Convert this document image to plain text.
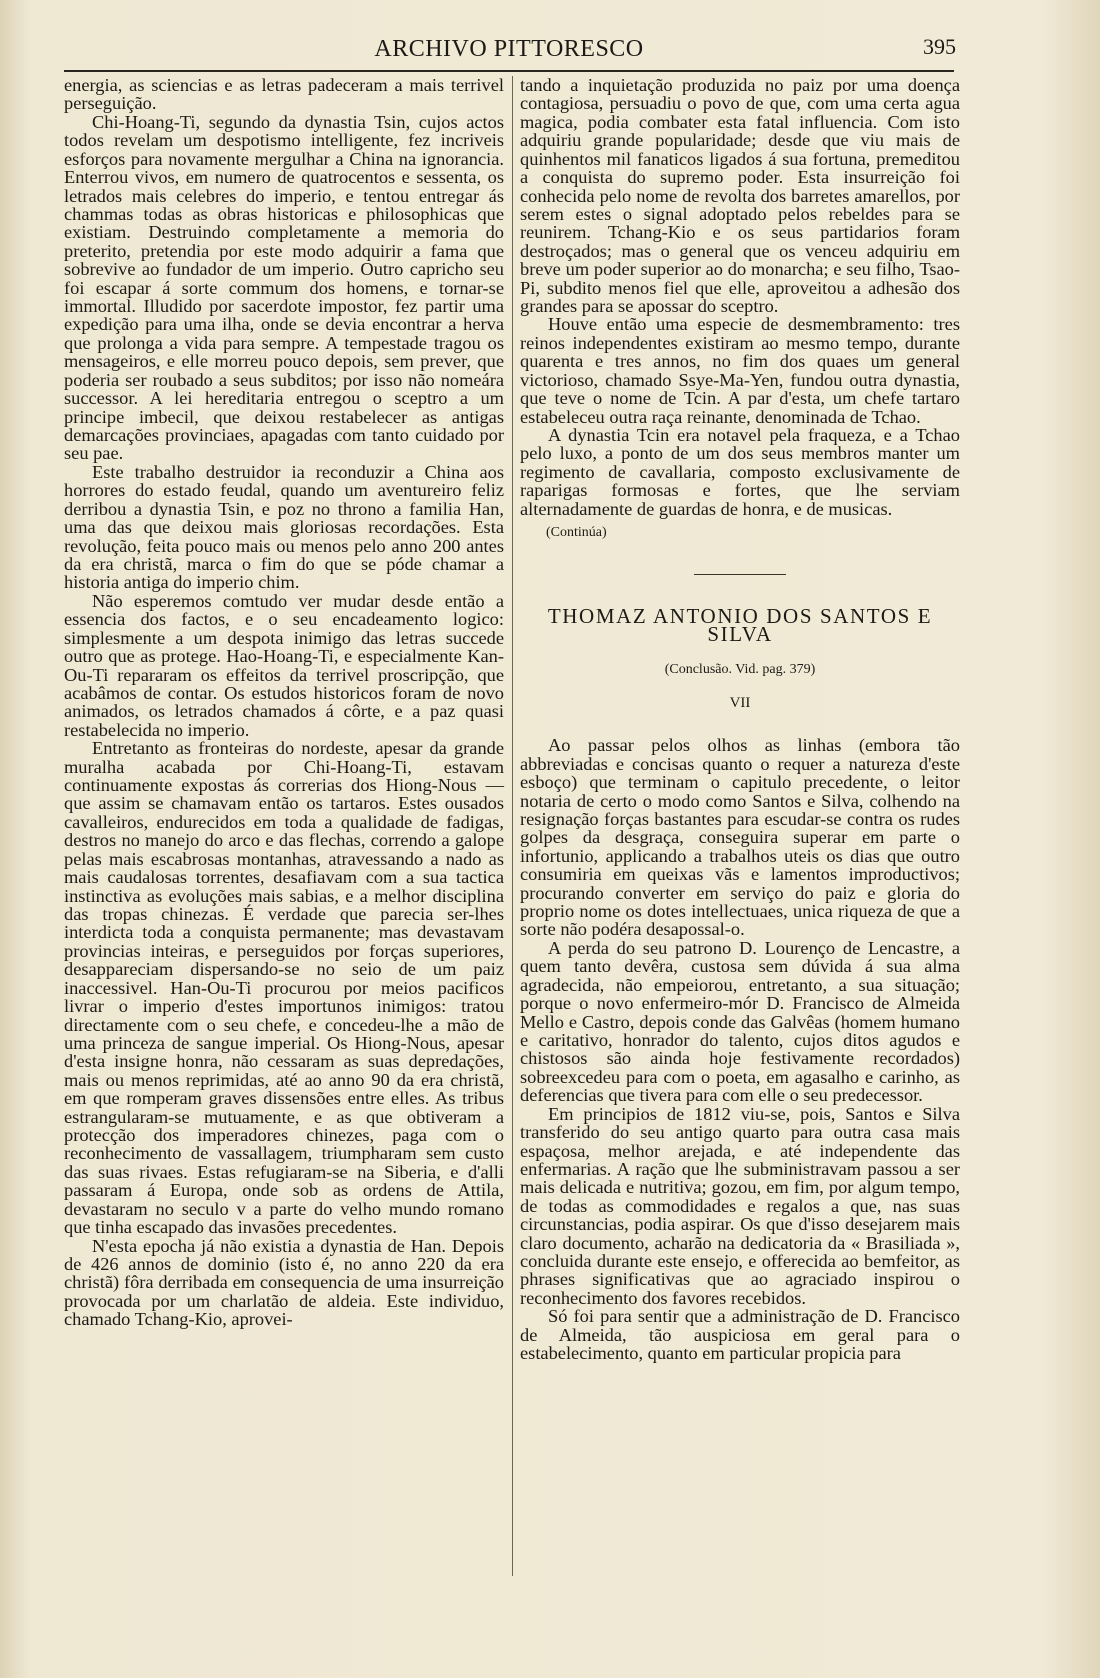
ARCHIVO PITTORESCO	395

energia, as sciencias e as letras padeceram a mais terrivel perseguição.

Chi-Hoang-Ti, segundo da dynastia Tsin, cujos actos todos revelam um despotismo intelligente, fez incriveis esforços para novamente mergulhar a China na ignorancia. Enterrou vivos, em numero de quatrocentos e sessenta, os letrados mais celebres do imperio, e tentou entregar ás chammas todas as obras historicas e philosophicas que existiam. Destruindo completamente a memoria do preterito, pretendia por este modo adquirir a fama que sobrevive ao fundador de um imperio. Outro capricho seu foi escapar á sorte commum dos homens, e tornar-se immortal. Illudido por sacerdote impostor, fez partir uma expedição para uma ilha, onde se devia encontrar a herva que prolonga a vida para sempre. A tempestade tragou os mensageiros, e elle morreu pouco depois, sem prever, que poderia ser roubado a seus subditos; por isso não nomeára successor. A lei hereditaria entregou o sceptro a um principe imbecil, que deixou restabelecer as antigas demarcações provinciaes, apagadas com tanto cuidado por seu pae.

Este trabalho destruidor ia reconduzir a China aos horrores do estado feudal, quando um aventureiro feliz derribou a dynastia Tsin, e poz no throno a familia Han, uma das que deixou mais gloriosas recordações. Esta revolução, feita pouco mais ou menos pelo anno 200 antes da era christã, marca o fim do que se póde chamar a historia antiga do imperio chim.

Não esperemos comtudo ver mudar desde então a essencia dos factos, e o seu encadeamento logico: simplesmente a um despota inimigo das letras succede outro que as protege. Hao-Hoang-Ti, e especialmente Kan-Ou-Ti repararam os effeitos da terrivel proscripção, que acabâmos de contar. Os estudos historicos foram de novo animados, os letrados chamados á côrte, e a paz quasi restabelecida no imperio.

Entretanto as fronteiras do nordeste, apesar da grande muralha acabada por Chi-Hoang-Ti, estavam continuamente expostas ás correrias dos Hiong-Nous — que assim se chamavam então os tartaros. Estes ousados cavalleiros, endurecidos em toda a qualidade de fadigas, destros no manejo do arco e das flechas, correndo a galope pelas mais escabrosas montanhas, atravessando a nado as mais caudalosas torrentes, desafiavam com a sua tactica instinctiva as evoluções mais sabias, e a melhor disciplina das tropas chinezas. É verdade que parecia ser-lhes interdicta toda a conquista permanente; mas devastavam provincias inteiras, e perseguidos por forças superiores, desappareciam dispersando-se no seio de um paiz inaccessivel. Han-Ou-Ti procurou por meios pacificos livrar o imperio d'estes importunos inimigos: tratou directamente com o seu chefe, e concedeu-lhe a mão de uma princeza de sangue imperial. Os Hiong-Nous, apesar d'esta insigne honra, não cessaram as suas depredações, mais ou menos reprimidas, até ao anno 90 da era christã, em que romperam graves dissensões entre elles. As tribus estrangularam-se mutuamente, e as que obtiveram a protecção dos imperadores chinezes, paga com o reconhecimento de vassallagem, triumpharam sem custo das suas rivaes. Estas refugiaram-se na Siberia, e d'alli passaram á Europa, onde sob as ordens de Attila, devastaram no seculo v a parte do velho mundo romano que tinha escapado das invasões precedentes.

N'esta epocha já não existia a dynastia de Han. Depois de 426 annos de dominio (isto é, no anno 220 da era christã) fôra derribada em consequencia de uma insurreição provocada por um charlatão de aldeia. Este individuo, chamado Tchang-Kio, aprovei-

tando a inquietação produzida no paiz por uma doença contagiosa, persuadiu o povo de que, com uma certa agua magica, podia combater esta fatal influencia. Com isto adquiriu grande popularidade; desde que viu mais de quinhentos mil fanaticos ligados á sua fortuna, premeditou a conquista do supremo poder. Esta insurreição foi conhecida pelo nome de revolta dos barretes amarellos, por serem estes o signal adoptado pelos rebeldes para se reunirem. Tchang-Kio e os seus partidarios foram destroçados; mas o general que os venceu adquiriu em breve um poder superior ao do monarcha; e seu filho, Tsao-Pi, subdito menos fiel que elle, aproveitou a adhesão dos grandes para se apossar do sceptro.

Houve então uma especie de desmembramento: tres reinos independentes existiram ao mesmo tempo, durante quarenta e tres annos, no fim dos quaes um general victorioso, chamado Ssye-Ma-Yen, fundou outra dynastia, que teve o nome de Tcin. A par d'esta, um chefe tartaro estabeleceu outra raça reinante, denominada de Tchao.

A dynastia Tcin era notavel pela fraqueza, e a Tchao pelo luxo, a ponto de um dos seus membros manter um regimento de cavallaria, composto exclusivamente de raparigas formosas e fortes, que lhe serviam alternadamente de guardas de honra, e de musicas.

(Continúa)
THOMAZ ANTONIO DOS SANTOS E SILVA
(Conclusão. Vid. pag. 379)
VII

Ao passar pelos olhos as linhas (embora tão abbreviadas e concisas quanto o requer a natureza d'este esboço) que terminam o capitulo precedente, o leitor notaria de certo o modo como Santos e Silva, colhendo na resignação forças bastantes para escudar-se contra os rudes golpes da desgraça, conseguira superar em parte o infortunio, applicando a trabalhos uteis os dias que outro consumiria em queixas vãs e lamentos improductivos; procurando converter em serviço do paiz e gloria do proprio nome os dotes intellectuaes, unica riqueza de que a sorte não podéra desapossal-o.

A perda do seu patrono D. Lourenço de Lencastre, a quem tanto devêra, custosa sem dúvida á sua alma agradecida, não empeiorou, entretanto, a sua situação; porque o novo enfermeiro-mór D. Francisco de Almeida Mello e Castro, depois conde das Galvêas (homem humano e caritativo, honrador do talento, cujos ditos agudos e chistosos são ainda hoje festivamente recordados) sobreexcedeu para com o poeta, em agasalho e carinho, as deferencias que tivera para com elle o seu predecessor.

Em principios de 1812 viu-se, pois, Santos e Silva transferido do seu antigo quarto para outra casa mais espaçosa, melhor arejada, e até independente das enfermarias. A ração que lhe subministravam passou a ser mais delicada e nutritiva; gozou, em fim, por algum tempo, de todas as commodidades e regalos a que, nas suas circunstancias, podia aspirar. Os que d'isso desejarem mais claro documento, acharão na dedicatoria da « Brasiliada », concluida durante este ensejo, e offerecida ao bemfeitor, as phrases significativas que ao agraciado inspirou o reconhecimento dos favores recebidos.

Só foi para sentir que a administração de D. Francisco de Almeida, tão auspiciosa em geral para o estabelecimento, quanto em particular propicia para
